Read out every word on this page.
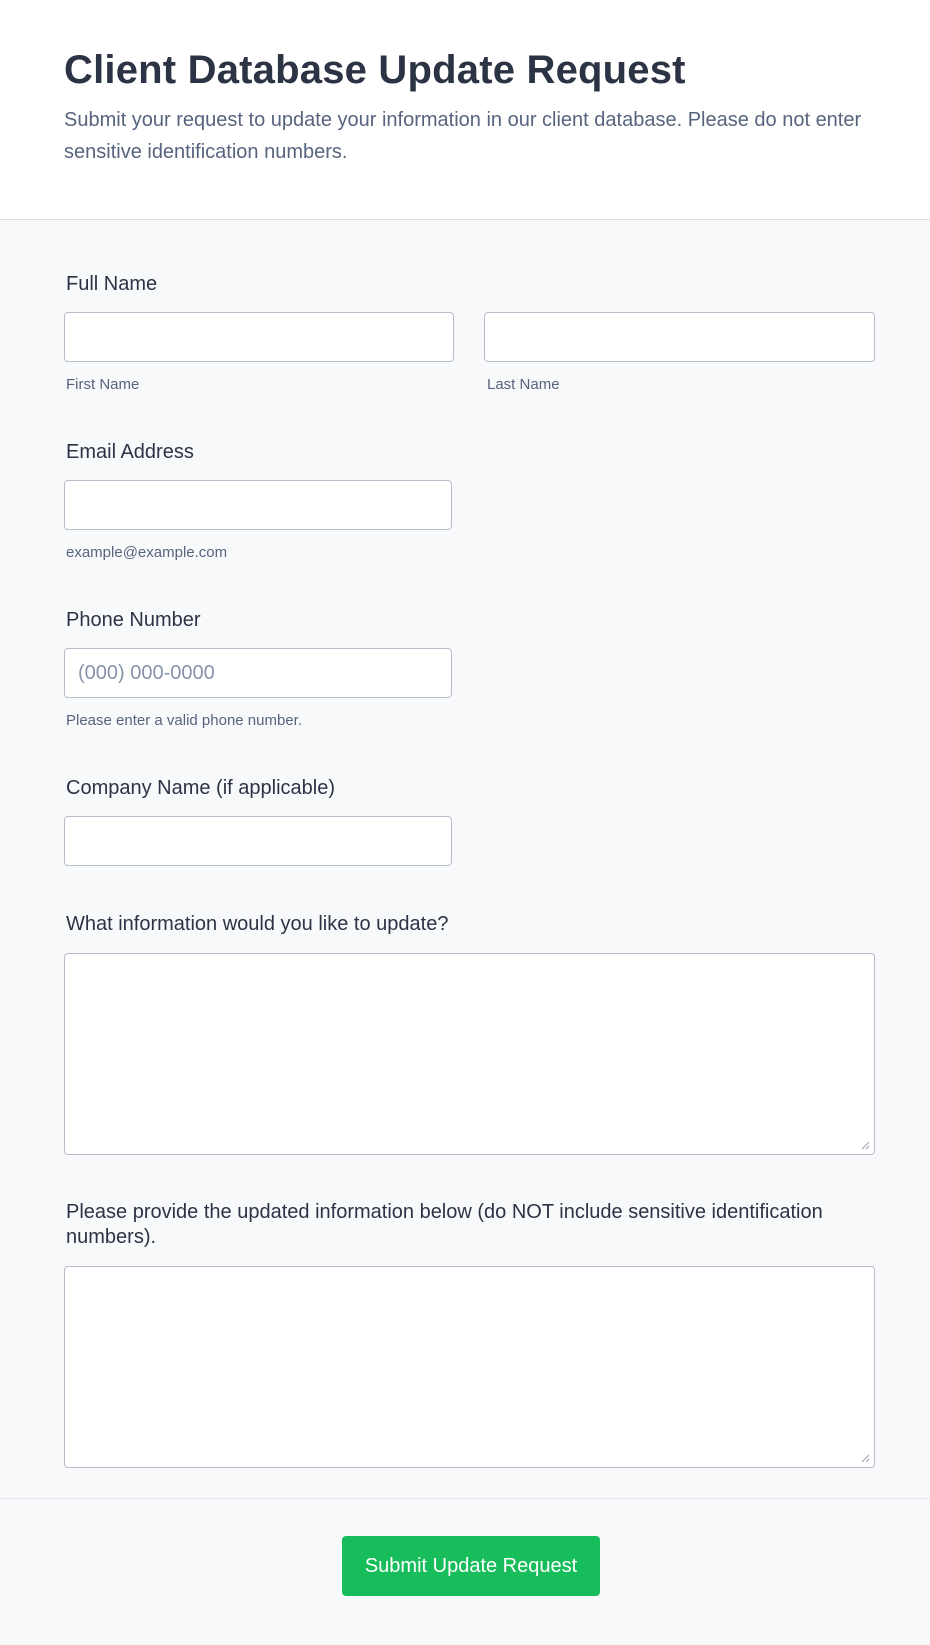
Client Database Update Request

Submit your request to update your information in our client database. Please do not enter sensitive identification numbers.

Full Name
First Name	Last Name
Email Address
example@example.com
Phone Number
(000) 000-0000
Please enter a valid phone number.
Company Name (if applicable)
What information would you like to update?
Please provide the updated information below (do NOT include sensitive identification numbers).
Submit Update Request
